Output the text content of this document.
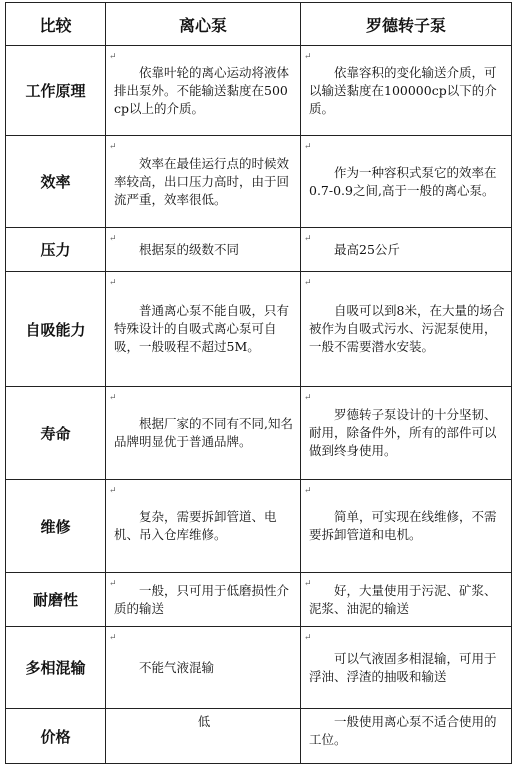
比较	离心泵	罗德转子泵
工作原理	↵
依靠叶轮的离心运动将液体排出泵外。不能输送黏度在500cp以上的介质。	↵
依靠容积的变化输送介质，可以输送黏度在100000cp以下的介质。

效率	↵
效率在最佳运行点的时候效率较高，出口压力高时，由于回流严重，效率很低。	↵
作为一种容积式泵它的效率在0.7-0.9之间,高于一般的离心泵。

压力	↵
根据泵的级数不同	↵
最高25公斤

自吸能力	↵
普通离心泵不能自吸，只有特殊设计的自吸式离心泵可自吸，一般吸程不超过5M。	↵
自吸可以到8米，在大量的场合被作为自吸式污水、污泥泵使用，一般不需要潜水安装。

寿命	↵
根据厂家的不同有不同,知名品牌明显优于普通品牌。	↵
罗德转子泵设计的十分坚韧、耐用，除备件外，所有的部件可以做到终身使用。

维修	↵
复杂，需要拆卸管道、电机、吊入仓库维修。	↵
简单，可实现在线维修，不需要拆卸管道和电机。

耐磨性	↵ 一般，只可用于低磨损性介质的输送	↵ 好，大量使用于污泥、矿浆、泥浆、油泥的输送

多相混输	↵
不能气液混输	↵
可以气液固多相混输，可用于浮油、浮渣的抽吸和输送

价格	低	一般使用离心泵不适合使用的工位。
